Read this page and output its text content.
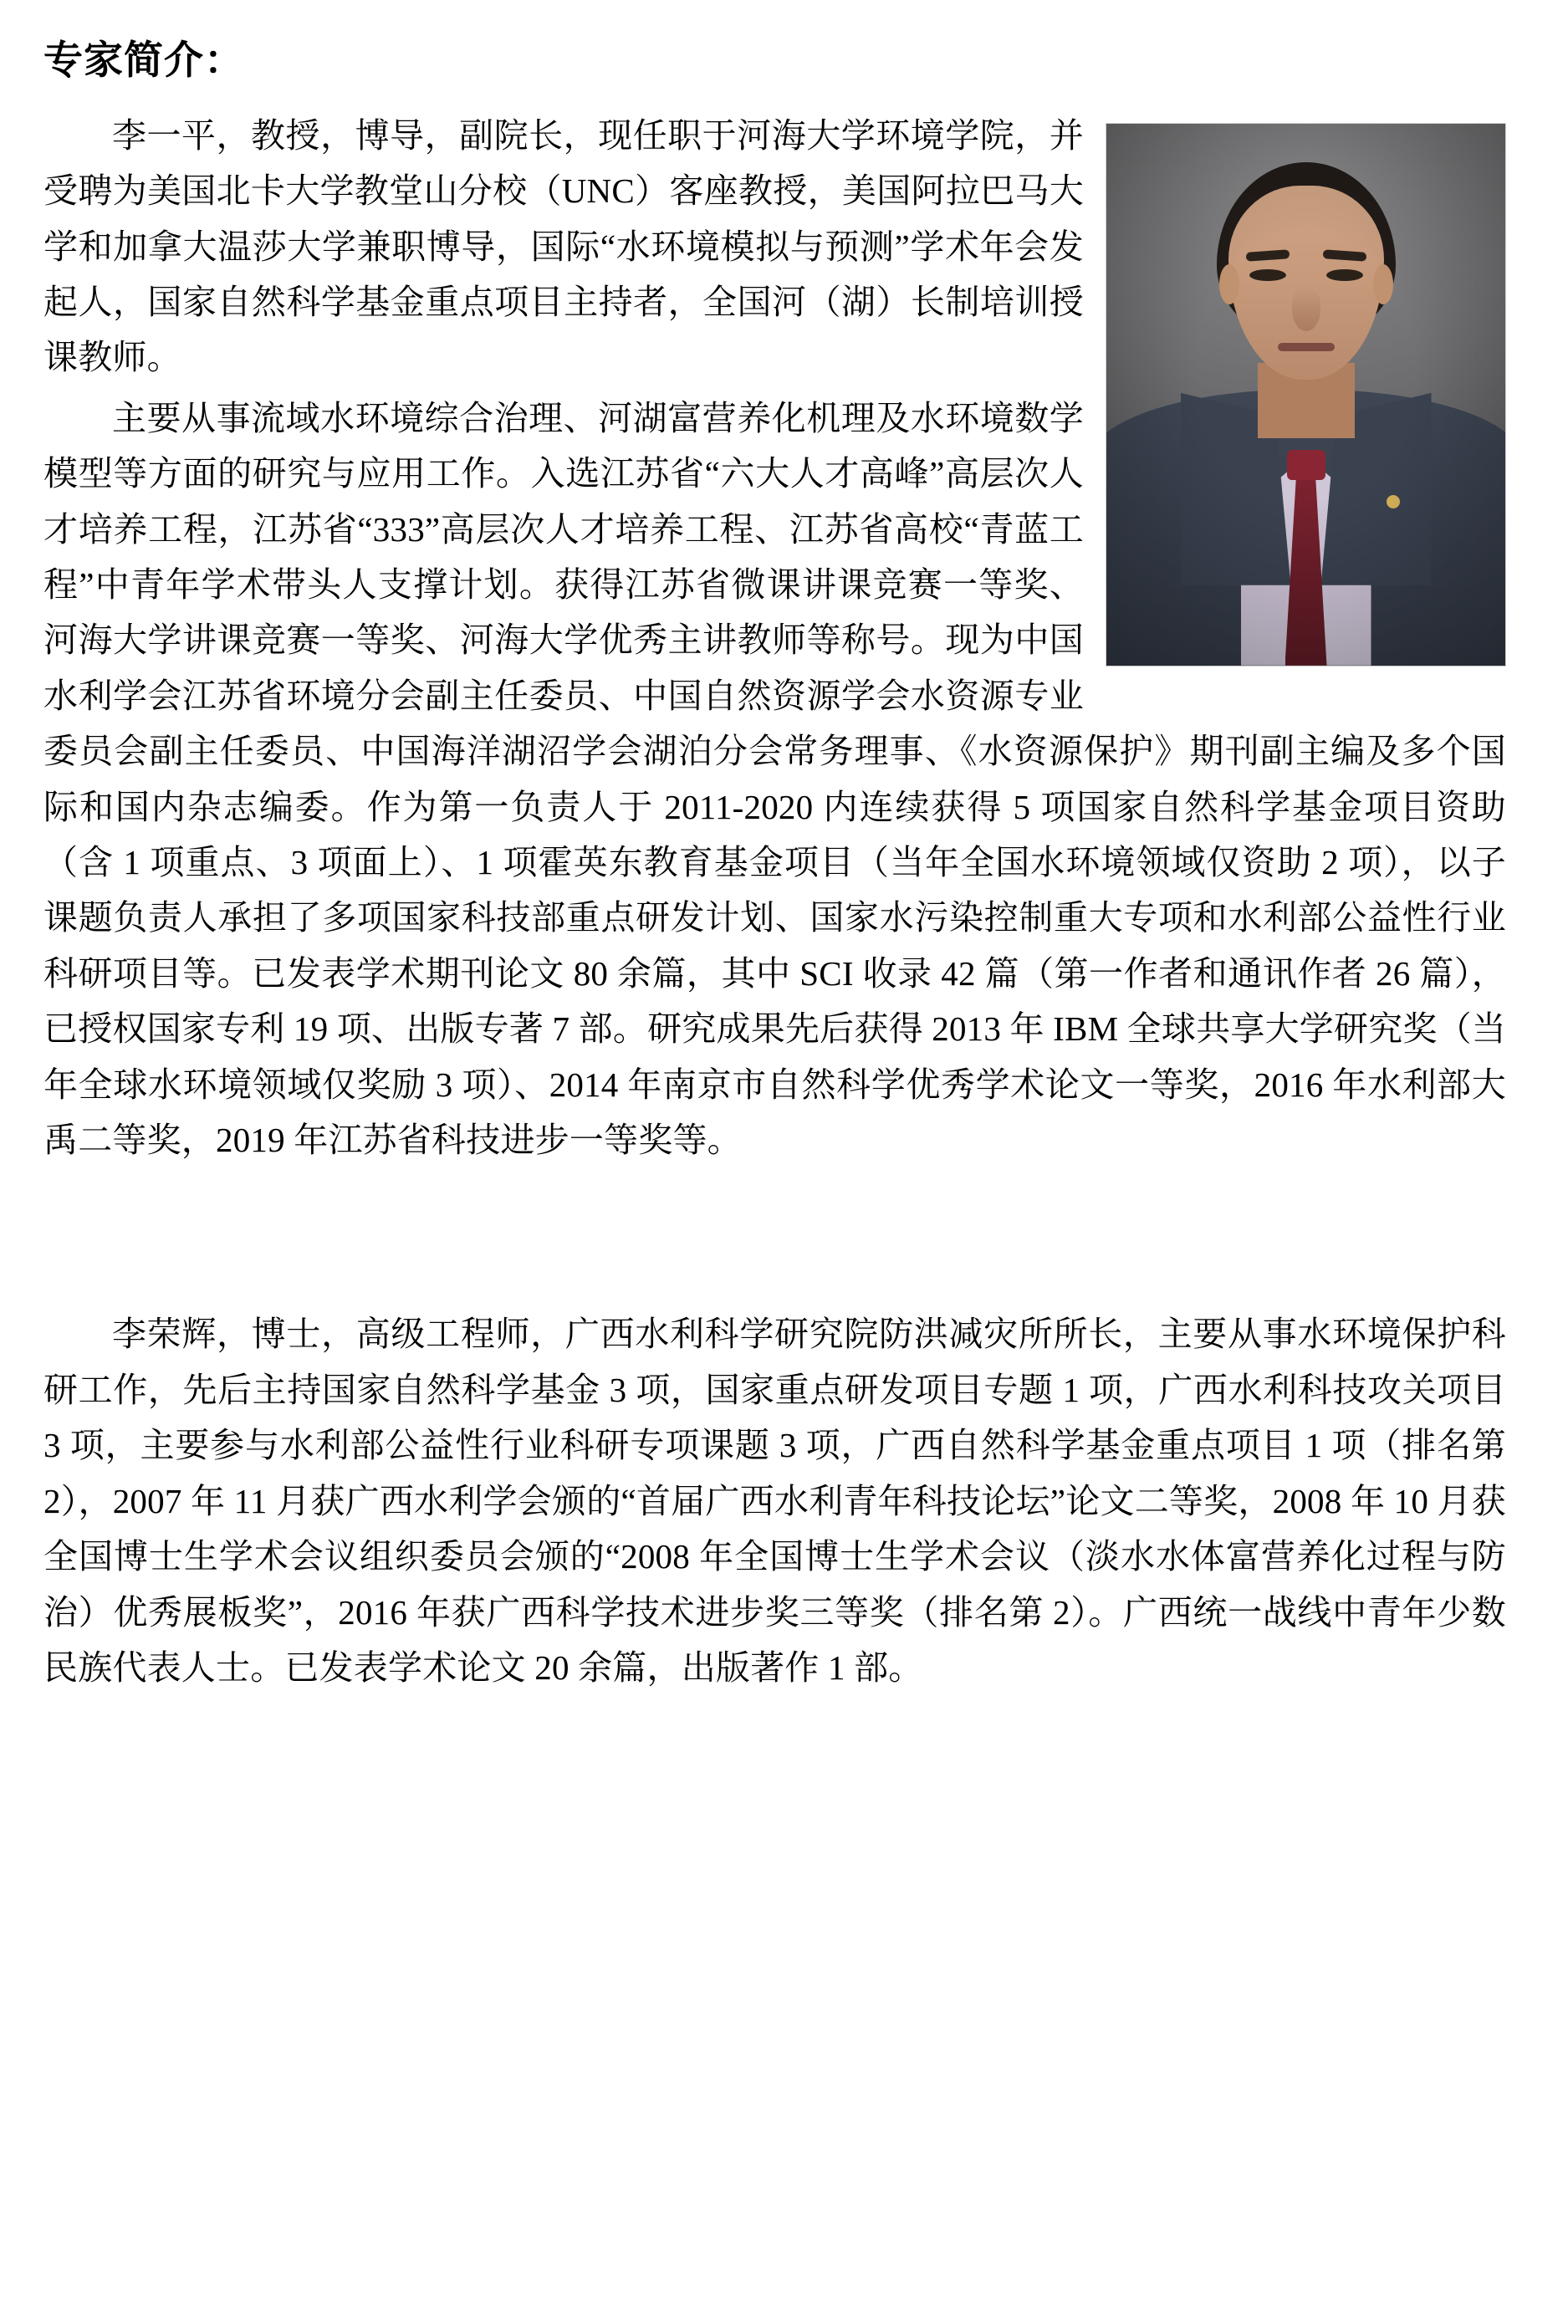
专家简介：

李一平，教授，博导，副院长，现任职于河海大学环境学院，并受聘为美国北卡大学教堂山分校（UNC）客座教授，美国阿拉巴马大学和加拿大温莎大学兼职博导，国际“水环境模拟与预测”学术年会发起人，国家自然科学基金重点项目主持者，全国河（湖）长制培训授课教师。

主要从事流域水环境综合治理、河湖富营养化机理及水环境数学模型等方面的研究与应用工作。入选江苏省“六大人才高峰”高层次人才培养工程，江苏省“333”高层次人才培养工程、江苏省高校“青蓝工程”中青年学术带头人支撑计划。获得江苏省微课讲课竞赛一等奖、河海大学讲课竞赛一等奖、河海大学优秀主讲教师等称号。现为中国水利学会江苏省环境分会副主任委员、中国自然资源学会水资源专业委员会副主任委员、中国海洋湖沼学会湖泊分会常务理事、《水资源保护》期刊副主编及多个国际和国内杂志编委。作为第一负责人于 2011-2020 内连续获得 5 项国家自然科学基金项目资助（含 1 项重点、3 项面上）、1 项霍英东教育基金项目（当年全国水环境领域仅资助 2 项），以子课题负责人承担了多项国家科技部重点研发计划、国家水污染控制重大专项和水利部公益性行业科研项目等。已发表学术期刊论文 80 余篇，其中 SCI 收录 42 篇（第一作者和通讯作者 26 篇），已授权国家专利 19 项、出版专著 7 部。研究成果先后获得 2013 年 IBM 全球共享大学研究奖（当年全球水环境领域仅奖励 3 项）、2014 年南京市自然科学优秀学术论文一等奖，2016 年水利部大禹二等奖，2019 年江苏省科技进步一等奖等。

李荣辉，博士，高级工程师，广西水利科学研究院防洪减灾所所长，主要从事水环境保护科研工作，先后主持国家自然科学基金 3 项，国家重点研发项目专题 1 项，广西水利科技攻关项目 3 项，主要参与水利部公益性行业科研专项课题 3 项，广西自然科学基金重点项目 1 项（排名第 2），2007 年 11 月获广西水利学会颁的“首届广西水利青年科技论坛”论文二等奖，2008 年 10 月获全国博士生学术会议组织委员会颁的“2008 年全国博士生学术会议（淡水水体富营养化过程与防治）优秀展板奖”，2016 年获广西科学技术进步奖三等奖（排名第 2）。广西统一战线中青年少数民族代表人士。已发表学术论文 20 余篇，出版著作 1 部。
